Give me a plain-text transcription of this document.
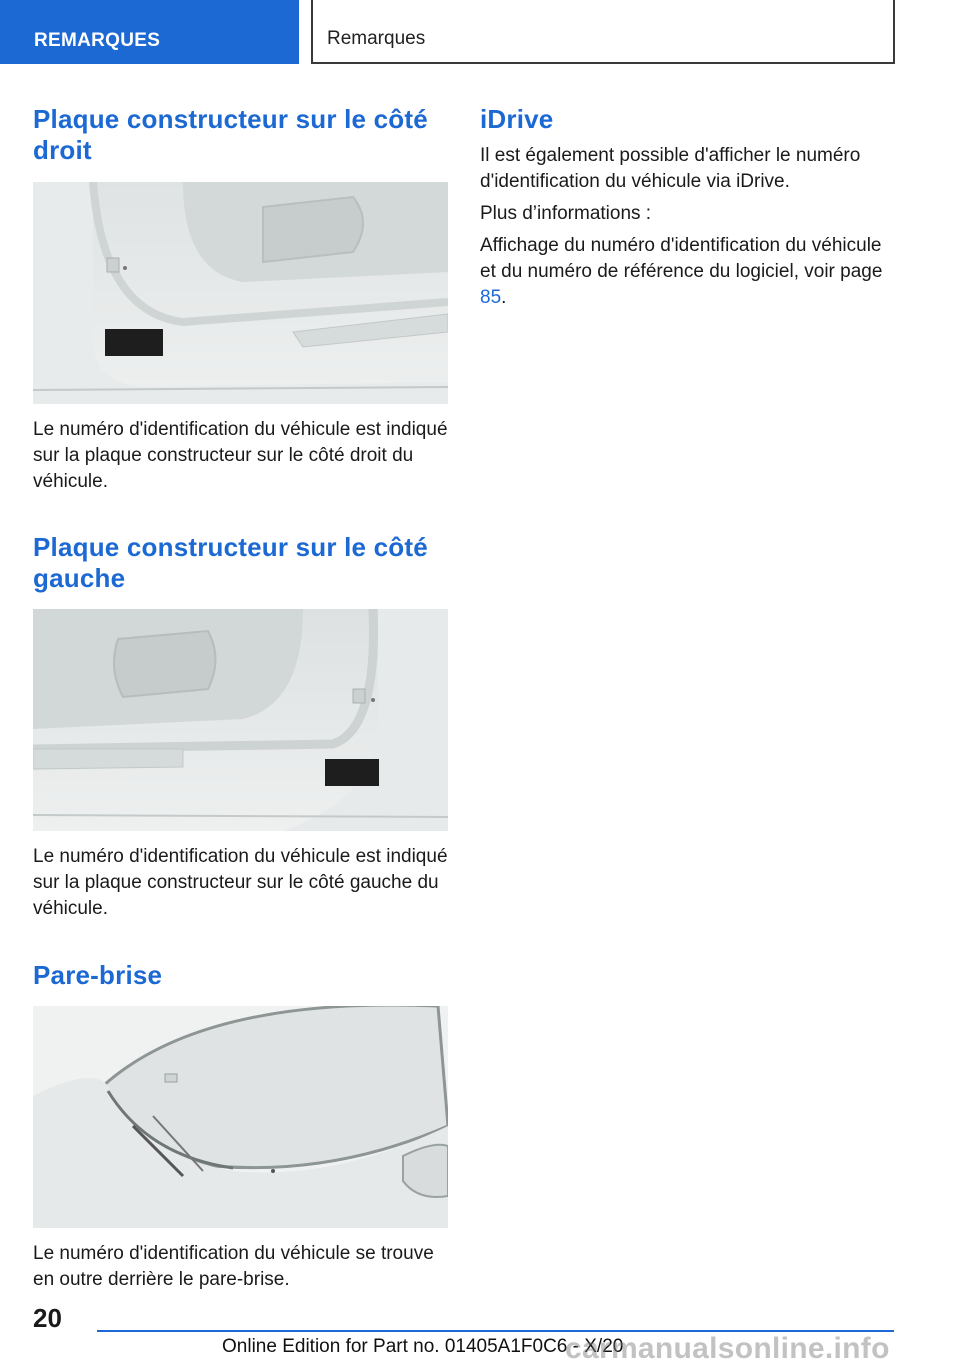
REMARQUES	Remarques
Plaque constructeur sur le côté droit

Le numéro d'identification du véhicule est indiqué sur la plaque constructeur sur le côté droit du véhicule.

Plaque constructeur sur le côté gauche

Le numéro d'identification du véhicule est indiqué sur la plaque constructeur sur le côté gauche du véhicule.

Pare-brise

Le numéro d'identification du véhicule se trouve en outre derrière le pare-brise.

iDrive

Il est également possible d'afficher le numéro d'identification du véhicule via iDrive.

Plus d’informations :

Affichage du numéro d'identification du véhicule et du numéro de référence du logiciel, voir page 85.

20
Online Edition for Part no. 01405A1F0C6 - X/20
carmanualsonline.info
